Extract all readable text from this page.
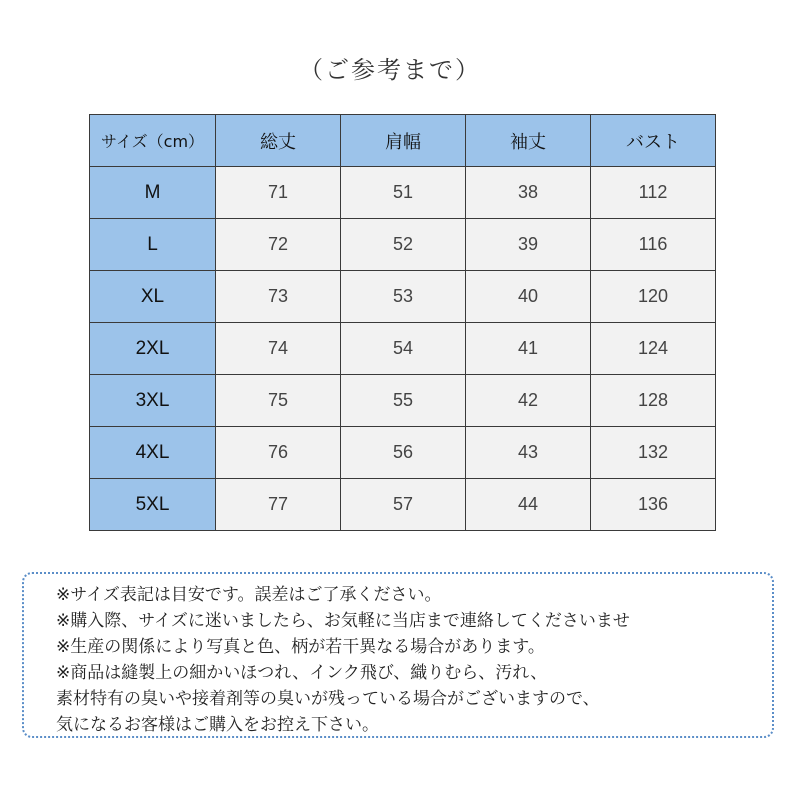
（ご参考まで）
サイズ（cm）	総丈	肩幅	袖丈	バスト
M	71	51	38	112
L	72	52	39	116
XL	73	53	40	120
2XL	74	54	41	124
3XL	75	55	42	128
4XL	76	56	43	132
5XL	77	57	44	136
※サイズ表記は目安です。誤差はご了承ください。
※購入際、サイズに迷いましたら、お気軽に当店まで連絡してくださいませ
※生産の関係により写真と色、柄が若干異なる場合があります。
※商品は縫製上の細かいほつれ、インク飛び、織りむら、汚れ、
素材特有の臭いや接着剤等の臭いが残っている場合がございますので、
気になるお客様はご購入をお控え下さい。
